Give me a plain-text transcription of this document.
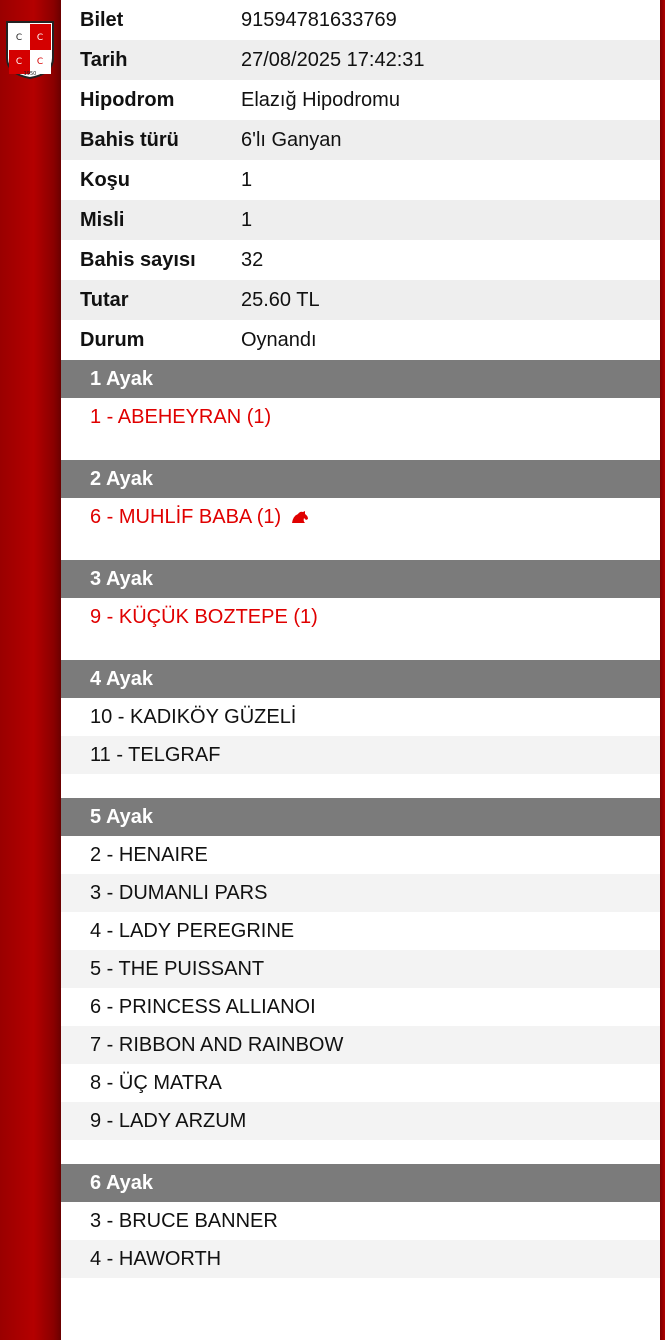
C C
C C
1950
Bilet	91594781633769
Tarih	27/08/2025 17:42:31
Hipodrom	Elazığ Hipodromu
Bahis türü	6'lı Ganyan
Koşu	1
Misli	1
Bahis sayısı	32
Tutar	25.60 TL
Durum	Oynandı
1 Ayak
1 - ABEHEYRAN (1)
2 Ayak
6 - MUHLİF BABA (1)
3 Ayak
9 - KÜÇÜK BOZTEPE (1)
4 Ayak
10 - KADIKÖY GÜZELİ
11 - TELGRAF
5 Ayak
2 - HENAIRE
3 - DUMANLI PARS
4 - LADY PEREGRINE
5 - THE PUISSANT
6 - PRINCESS ALLIANOI
7 - RIBBON AND RAINBOW
8 - ÜÇ MATRA
9 - LADY ARZUM
6 Ayak
3 - BRUCE BANNER
4 - HAWORTH
